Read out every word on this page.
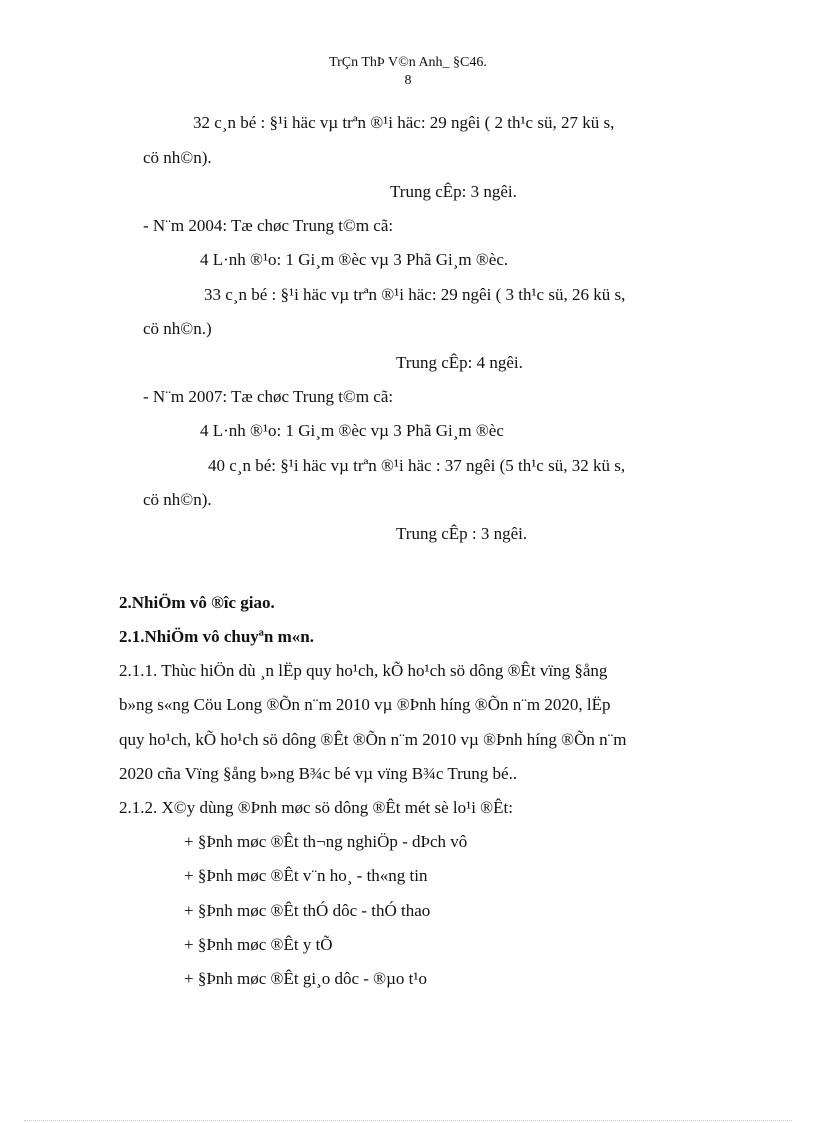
TrÇn ThÞ V©n Anh_ §C46.
8
32 c¸n bé : §¹i häc vµ trªn ®¹i häc: 29 ngêi ( 2 th¹c sü, 27 kü s,
cö nh©n).
Trung cÊp: 3 ngêi.
- N¨m 2004: Tæ chøc Trung t©m cã:
4 L·nh ®¹o: 1 Gi¸m ®èc vµ 3 Phã Gi¸m ®èc.
33 c¸n bé : §¹i häc vµ trªn ®¹i häc: 29 ngêi ( 3 th¹c sü, 26 kü s,
cö nh©n.)
Trung cÊp: 4 ngêi.
- N¨m 2007: Tæ chøc Trung t©m cã:
4 L·nh ®¹o: 1 Gi¸m ®èc vµ 3 Phã Gi¸m ®èc
40 c¸n bé: §¹i häc vµ trªn ®¹i häc : 37 ngêi (5 th¹c sü, 32 kü s,
cö nh©n).
Trung cÊp : 3 ngêi.
2.NhiÖm vô ®îc giao.
2.1.NhiÖm vô chuyªn m«n.
2.1.1. Thùc hiÖn dù ¸n lËp quy ho¹ch, kÕ ho¹ch sö dông ®Êt vïng §ång
b»ng s«ng Cöu Long ®Õn n¨m 2010 vµ ®Þnh híng ®Õn n¨m 2020, lËp
quy ho¹ch, kÕ ho¹ch sö dông ®Êt ®Õn n¨m 2010 vµ ®Þnh híng ®Õn n¨m
2020 cña Vïng §ång b»ng B¾c bé vµ vïng B¾c Trung bé..
2.1.2. X©y dùng ®Þnh møc sö dông ®Êt mét sè lo¹i ®Êt:
+ §Þnh møc ®Êt th¬ng nghiÖp - dÞch vô
+ §Þnh møc ®Êt v¨n ho¸ - th«ng tin
+ §Þnh møc ®Êt thÓ dôc - thÓ thao
+ §Þnh møc ®Êt y tÕ
+ §Þnh møc ®Êt gi¸o dôc - ®µo t¹o
